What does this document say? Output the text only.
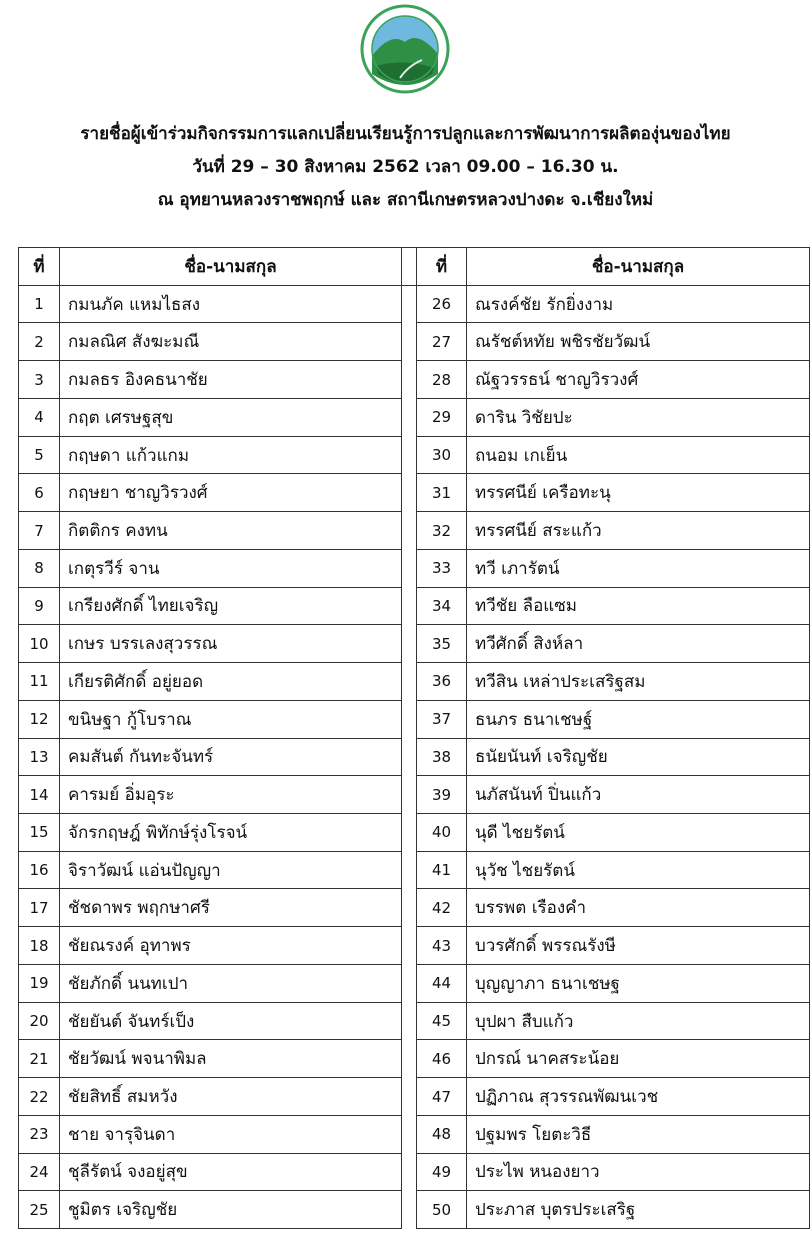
รายชื่อผู้เข้าร่วมกิจกรรมการแลกเปลี่ยนเรียนรู้การปลูกและการพัฒนาการผลิตองุ่นของไทย
วันที่ 29 – 30 สิงหาคม 2562 เวลา 09.00 – 16.30 น.
ณ อุทยานหลวงราชพฤกษ์ และ สถานีเกษตรหลวงปางดะ จ.เชียงใหม่
ที่	ชื่อ-นามสกุล		ที่	ชื่อ-นามสกุล
1	กมนภัค แหมไธสง		26	ณรงค์ชัย รักยิ่งงาม
2	กมลณิศ สังฆะมณี		27	ณรัชต์หทัย พชิรชัยวัฒน์
3	กมลธร อิงคธนาชัย		28	ณัฐวรรธน์ ชาญวิรวงศ์
4	กฤต เศรษฐสุข		29	ดาริน วิชัยปะ
5	กฤษดา แก้วแกม		30	ถนอม เกเย็น
6	กฤษยา ชาญวิรวงศ์		31	ทรรศนีย์ เครือทะนุ
7	กิตติกร คงทน		32	ทรรศนีย์ สระแก้ว
8	เกตุรวีร์ จาน		33	ทวี เภารัตน์
9	เกรียงศักดิ์ ไทยเจริญ		34	ทวีชัย ลือแซม
10	เกษร บรรเลงสุวรรณ		35	ทวีศักดิ์ สิงห์ลา
11	เกียรติศักดิ์ อยู่ยอด		36	ทวีสิน เหล่าประเสริฐสม
12	ขนิษฐา กู้โบราณ		37	ธนภร ธนาเชษฐ์
13	คมสันต์ กันทะจันทร์		38	ธนัยนันท์ เจริญชัย
14	คารมย์ อิ่มอุระ		39	นภัสนันท์ ปิ่นแก้ว
15	จักรกฤษฎ์ พิทักษ์รุ่งโรจน์		40	นุดี ไชยรัตน์
16	จิราวัฒน์ แอ่นปัญญา		41	นุวัช ไชยรัตน์
17	ชัชดาพร พฤกษาศรี		42	บรรพต เรืองคำ
18	ชัยณรงค์ อุทาพร		43	บวรศักดิ์ พรรณรังษี
19	ชัยภักดิ์ นนทเปา		44	บุญญาภา ธนาเชษฐ
20	ชัยยันต์ จันทร์เป็ง		45	บุปผา สืบแก้ว
21	ชัยวัฒน์ พจนาพิมล		46	ปกรณ์ นาคสระน้อย
22	ชัยสิทธิ์ สมหวัง		47	ปฏิภาณ สุวรรณพัฒนเวช
23	ชาย จารุจินดา		48	ปฐมพร โยตะวิธี
24	ชุลีรัตน์ จงอยู่สุข		49	ประไพ หนองยาว
25	ชูมิตร เจริญชัย		50	ประภาส บุตรประเสริฐ
